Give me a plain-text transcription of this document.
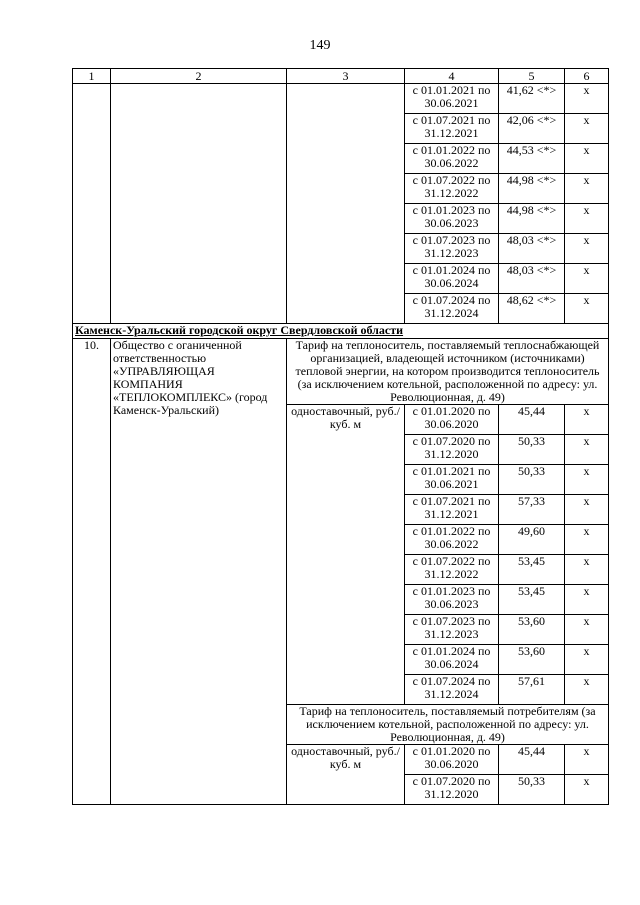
149
1	2	3	4	5	6
			с 01.01.2021 по 30.06.2021	41,62 <*>	x
			с 01.07.2021 по 31.12.2021	42,06 <*>	x
			с 01.01.2022 по 30.06.2022	44,53 <*>	x
			с 01.07.2022 по 31.12.2022	44,98 <*>	x
			с 01.01.2023 по 30.06.2023	44,98 <*>	x
			с 01.07.2023 по 31.12.2023	48,03 <*>	x
			с 01.01.2024 по 30.06.2024	48,03 <*>	x
			с 01.07.2024 по 31.12.2024	48,62 <*>	x
Каменск-Уральский городской округ Свердловской области					
10.	Общество с оганиченной ответственностью «УПРАВЛЯЮЩАЯ КОМПАНИЯ «ТЕПЛОКОМПЛЕКС» (город Каменск-Уральский)	Тариф на теплоноситель, поставляемый теплоснабжающей организацией, владеющей источником (источниками) тепловой энергии, на котором производится теплоноситель (за исключением котельной, расположенной по адресу: ул. Революционная, д. 49)			
		одноставочный, руб./куб. м	с 01.01.2020 по 30.06.2020	45,44	x
			с 01.07.2020 по 31.12.2020	50,33	x
			с 01.01.2021 по 30.06.2021	50,33	x
			с 01.07.2021 по 31.12.2021	57,33	x
			с 01.01.2022 по 30.06.2022	49,60	x
			с 01.07.2022 по 31.12.2022	53,45	x
			с 01.01.2023 по 30.06.2023	53,45	x
			с 01.07.2023 по 31.12.2023	53,60	x
			с 01.01.2024 по 30.06.2024	53,60	x
			с 01.07.2024 по 31.12.2024	57,61	x
		Тариф на теплоноситель, поставляемый потребителям (за исключением котельной, расположенной по адресу: ул. Революционная, д. 49)			
		одноставочный, руб./куб. м	с 01.01.2020 по 30.06.2020	45,44	x
			с 01.07.2020 по 31.12.2020	50,33	x
